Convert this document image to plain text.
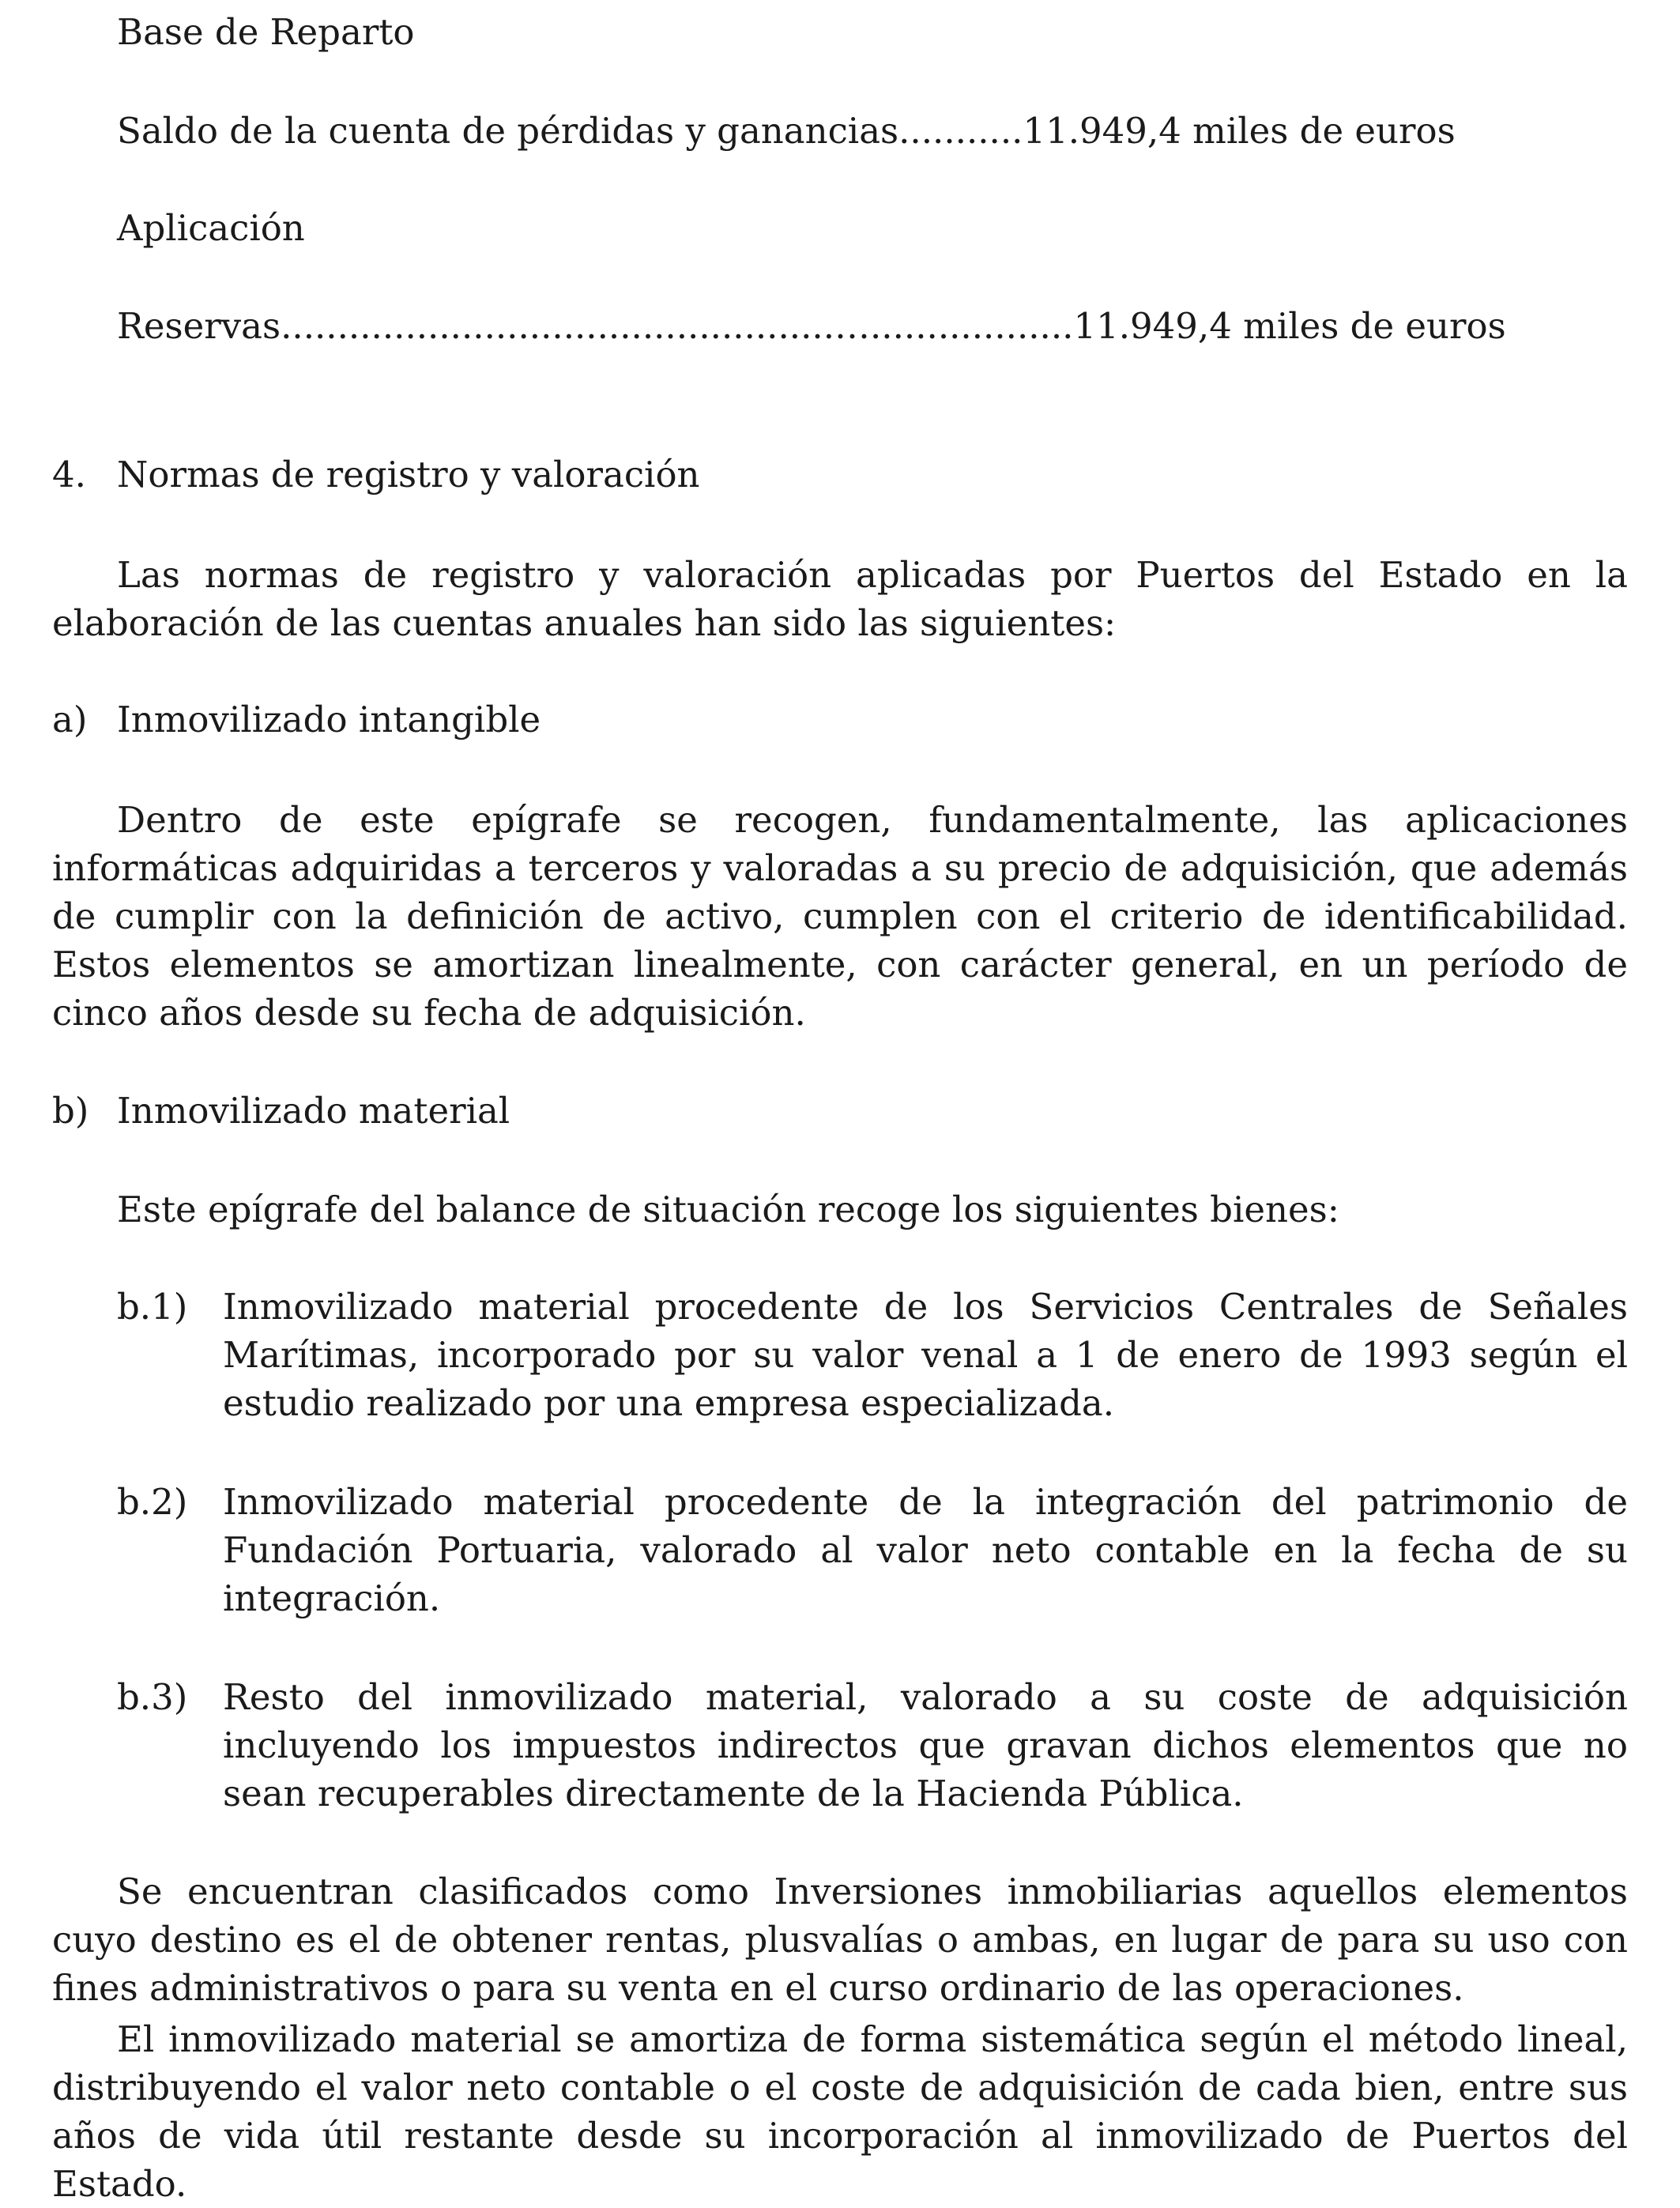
Base de Reparto
Saldo de la cuenta de pérdidas y ganancias...........11.949,4 miles de euros
Aplicación
Reservas.................................................…..................11.949,4 miles de euros
4. Normas de registro y valoración
Las normas de registro y valoración aplicadas por Puertos del Estado en la elaboración de las cuentas anuales han sido las siguientes:
a) Inmovilizado intangible
Dentro de este epígrafe se recogen, fundamentalmente, las aplicaciones informáticas adquiridas a terceros y valoradas a su precio de adquisición, que además de cumplir con la definición de activo, cumplen con el criterio de identificabilidad. Estos elementos se amortizan linealmente, con carácter general, en un período de cinco años desde su fecha de adquisición.
b) Inmovilizado material
Este epígrafe del balance de situación recoge los siguientes bienes:
b.1) Inmovilizado material procedente de los Servicios Centrales de Señales Marítimas, incorporado por su valor venal a 1 de enero de 1993 según el estudio realizado por una empresa especializada.
b.2) Inmovilizado material procedente de la integración del patrimonio de Fundación Portuaria, valorado al valor neto contable en la fecha de su integración.
b.3) Resto del inmovilizado material, valorado a su coste de adquisición incluyendo los impuestos indirectos que gravan dichos elementos que no sean recuperables directamente de la Hacienda Pública.
Se encuentran clasificados como Inversiones inmobiliarias aquellos elementos cuyo destino es el de obtener rentas, plusvalías o ambas, en lugar de para su uso con fines administrativos o para su venta en el curso ordinario de las operaciones.
El inmovilizado material se amortiza de forma sistemática según el método lineal, distribuyendo el valor neto contable o el coste de adquisición de cada bien, entre sus años de vida útil restante desde su incorporación al inmovilizado de Puertos del Estado.
